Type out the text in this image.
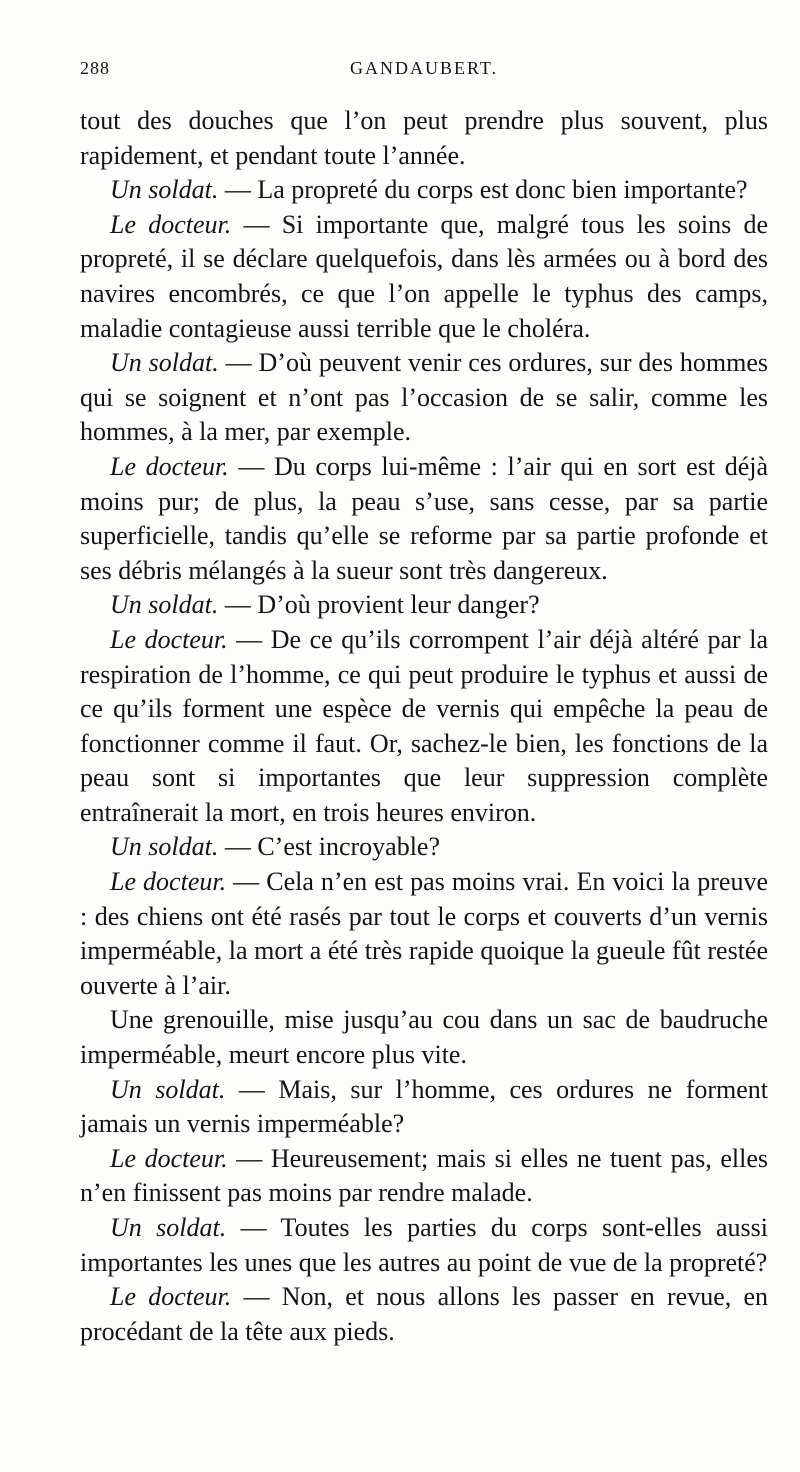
288	GANDAUBERT.

tout des douches que l’on peut prendre plus souvent, plus rapidement, et pendant toute l’année.

Un soldat. — La propreté du corps est donc bien importante?

Le docteur. — Si importante que, malgré tous les soins de propreté, il se déclare quelquefois, dans lès armées ou à bord des navires encombrés, ce que l’on appelle le typhus des camps, maladie contagieuse aussi terrible que le choléra.

Un soldat. — D’où peuvent venir ces ordures, sur des hommes qui se soignent et n’ont pas l’occasion de se salir, comme les hommes, à la mer, par exemple.

Le docteur. — Du corps lui-même : l’air qui en sort est déjà moins pur; de plus, la peau s’use, sans cesse, par sa partie superficielle, tandis qu’elle se reforme par sa partie profonde et ses débris mélangés à la sueur sont très dangereux.

Un soldat. — D’où provient leur danger?

Le docteur. — De ce qu’ils corrompent l’air déjà altéré par la respiration de l’homme, ce qui peut produire le typhus et aussi de ce qu’ils forment une espèce de vernis qui empêche la peau de fonctionner comme il faut. Or, sachez-le bien, les fonctions de la peau sont si importantes que leur suppression complète entraînerait la mort, en trois heures environ.

Un soldat. — C’est incroyable?

Le docteur. — Cela n’en est pas moins vrai. En voici la preuve : des chiens ont été rasés par tout le corps et couverts d’un vernis imperméable, la mort a été très rapide quoique la gueule fût restée ouverte à l’air.

Une grenouille, mise jusqu’au cou dans un sac de baudruche imperméable, meurt encore plus vite.

Un soldat. — Mais, sur l’homme, ces ordures ne forment jamais un vernis imperméable?

Le docteur. — Heureusement; mais si elles ne tuent pas, elles n’en finissent pas moins par rendre malade.

Un soldat. — Toutes les parties du corps sont-elles aussi importantes les unes que les autres au point de vue de la propreté?

Le docteur. — Non, et nous allons les passer en revue, en procédant de la tête aux pieds.
